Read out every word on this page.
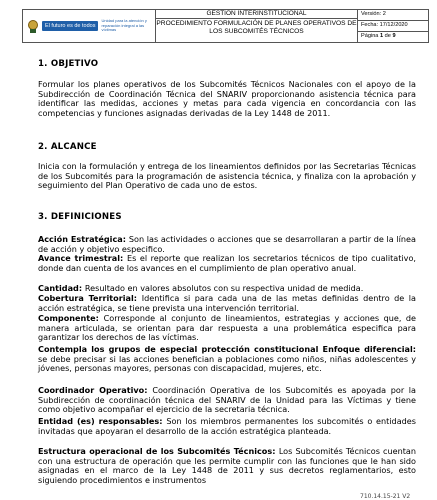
El futuro es de todos
Unidad para la atención y reparación integral a las víctimas
GESTION INTERINSTITUCIONAL
PROCEDIMIENTO FORMULACIÓN DE PLANES OPERATIVOS DE LOS SUBCOMITÉS TÉCNICOS
Versión: 2
Fecha: 17/12/2020
Página 1 de 9
1. OBJETIVO
Formular los planes operativos de los Subcomités Técnicos Nacionales con el apoyo de la Subdirección de Coordinación Técnica del SNARIV proporcionando asistencia técnica para identificar las medidas, acciones y metas para cada vigencia en concordancia con las competencias y funciones asignadas derivadas de la Ley 1448 de 2011.
2. ALCANCE
Inicia con la formulación y entrega de los lineamientos definidos por las Secretarias Técnicas de los Subcomités para la programación de asistencia técnica, y finaliza con la aprobación y seguimiento del Plan Operativo de cada uno de estos.
3. DEFINICIONES
Acción Estratégica: Son las actividades o acciones que se desarrollaran a partir de la línea de acción y objetivo especifico.
Avance trimestral: Es el reporte que realizan los secretarios técnicos de tipo cualitativo, donde dan cuenta de los avances en el cumplimiento de plan operativo anual.
Cantidad: Resultado en valores absolutos con su respectiva unidad de medida.
Cobertura Territorial: Identifica si para cada una de las metas definidas dentro de la acción estratégica, se tiene prevista una intervención territorial.
Componente: Corresponde al conjunto de lineamientos, estrategias y acciones que, de manera articulada, se orientan para dar respuesta a una problemática especifica para garantizar los derechos de las víctimas.
Contempla los grupos de especial protección constitucional Enfoque diferencial: se debe precisar si las acciones benefician a poblaciones como niños, niñas adolescentes y jóvenes, personas mayores, personas con discapacidad, mujeres, etc.
Coordinador Operativo: Coordinación Operativa de los Subcomités es apoyada por la Subdirección de coordinación técnica del SNARIV de la Unidad para las Víctimas y tiene como objetivo acompañar el ejercicio de la secretaria técnica.
Entidad (es) responsables: Son los miembros permanentes los subcomités o entidades invitadas que apoyaran el desarrollo de la acción estratégica planteada.
Estructura operacional de los Subcomités Técnicos: Los Subcomités Técnicos cuentan con una estructura de operación que les permite cumplir con las funciones que le han sido asignadas en el marco de la Ley 1448 de 2011 y sus decretos reglamentarios, esto siguiendo procedimientos e instrumentos
710.14.15-21 V2
